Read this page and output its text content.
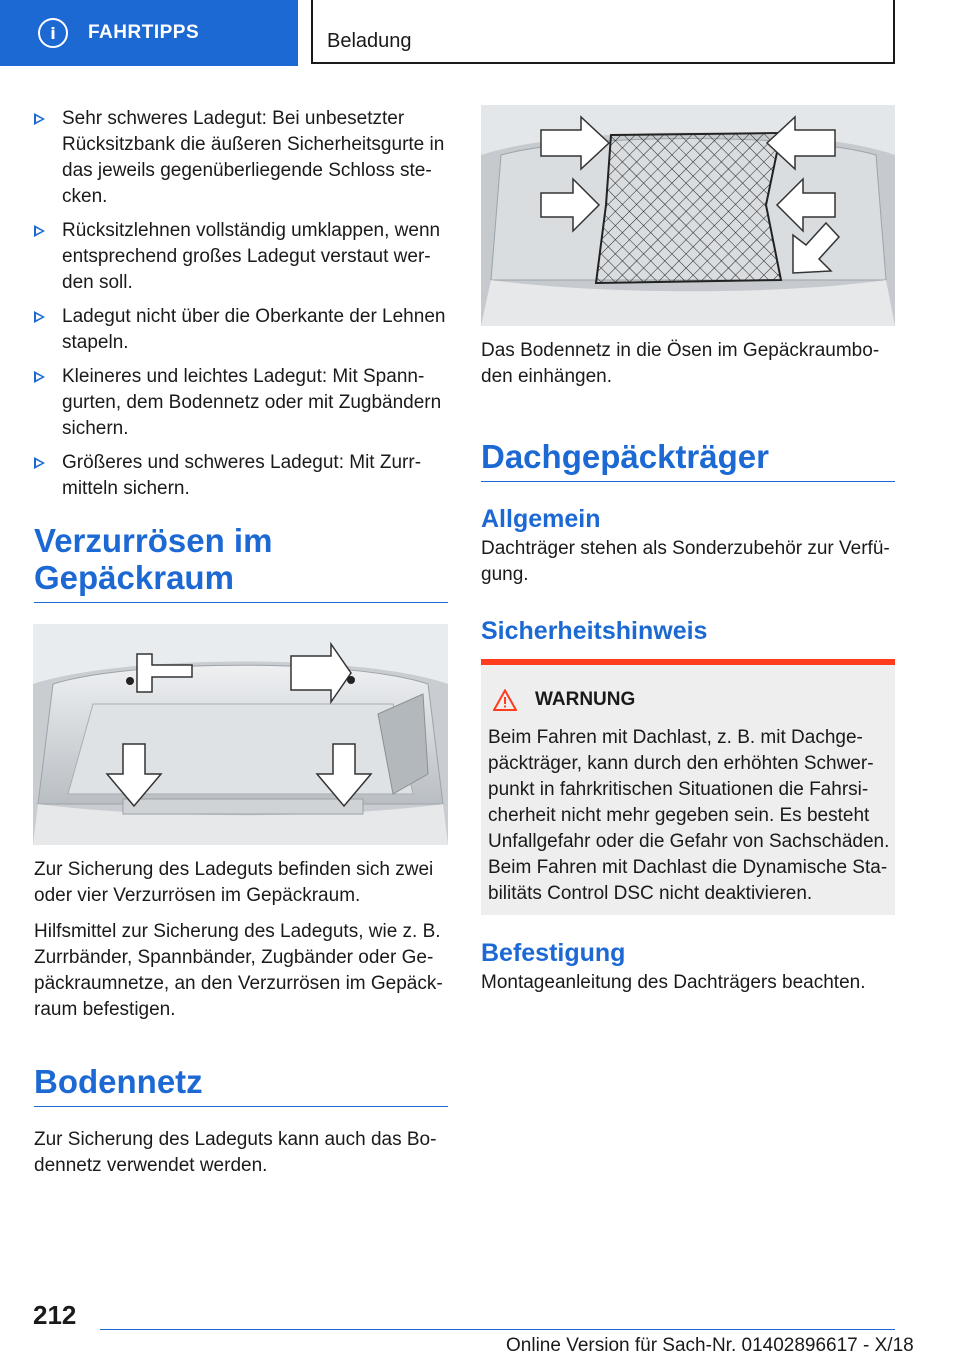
i	FAHRTIPPS	Beladung
Sehr schweres Ladegut: Bei unbesetzter Rücksitzbank die äußeren Sicherheitsgurte in das jeweils gegenüberliegende Schloss stecken.
Rücksitzlehnen vollständig umklappen, wenn entsprechend großes Ladegut verstaut werden soll.
Ladegut nicht über die Oberkante der Lehnen stapeln.
Kleineres und leichtes Ladegut: Mit Spanngurten, dem Bodennetz oder mit Zugbändern sichern.
Größeres und schweres Ladegut: Mit Zurrmitteln sichern.
Verzurrösen im Gepäckraum

Zur Sicherung des Ladeguts befinden sich zwei oder vier Verzurrösen im Gepäckraum.

Hilfsmittel zur Sicherung des Ladeguts, wie z. B. Zurrbänder, Spannbänder, Zugbänder oder Gepäckraumnetze, an den Verzurrösen im Gepäckraum befestigen.

Bodennetz

Zur Sicherung des Ladeguts kann auch das Bodennetz verwendet werden.

Das Bodennetz in die Ösen im Gepäckraumboden einhängen.

Dachgepäckträger
Allgemein

Dachträger stehen als Sonderzubehör zur Verfügung.

Sicherheitshinweis
WARNUNG

Beim Fahren mit Dachlast, z. B. mit Dachgepäckträger, kann durch den erhöhten Schwerpunkt in fahrkritischen Situationen die Fahrsicherheit nicht mehr gegeben sein. Es besteht Unfallgefahr oder die Gefahr von Sachschäden. Beim Fahren mit Dachlast die Dynamische Stabilitäts Control DSC nicht deaktivieren.

Befestigung

Montageanleitung des Dachträgers beachten.

212
Online Version für Sach-Nr. 01402896617 - X/18
